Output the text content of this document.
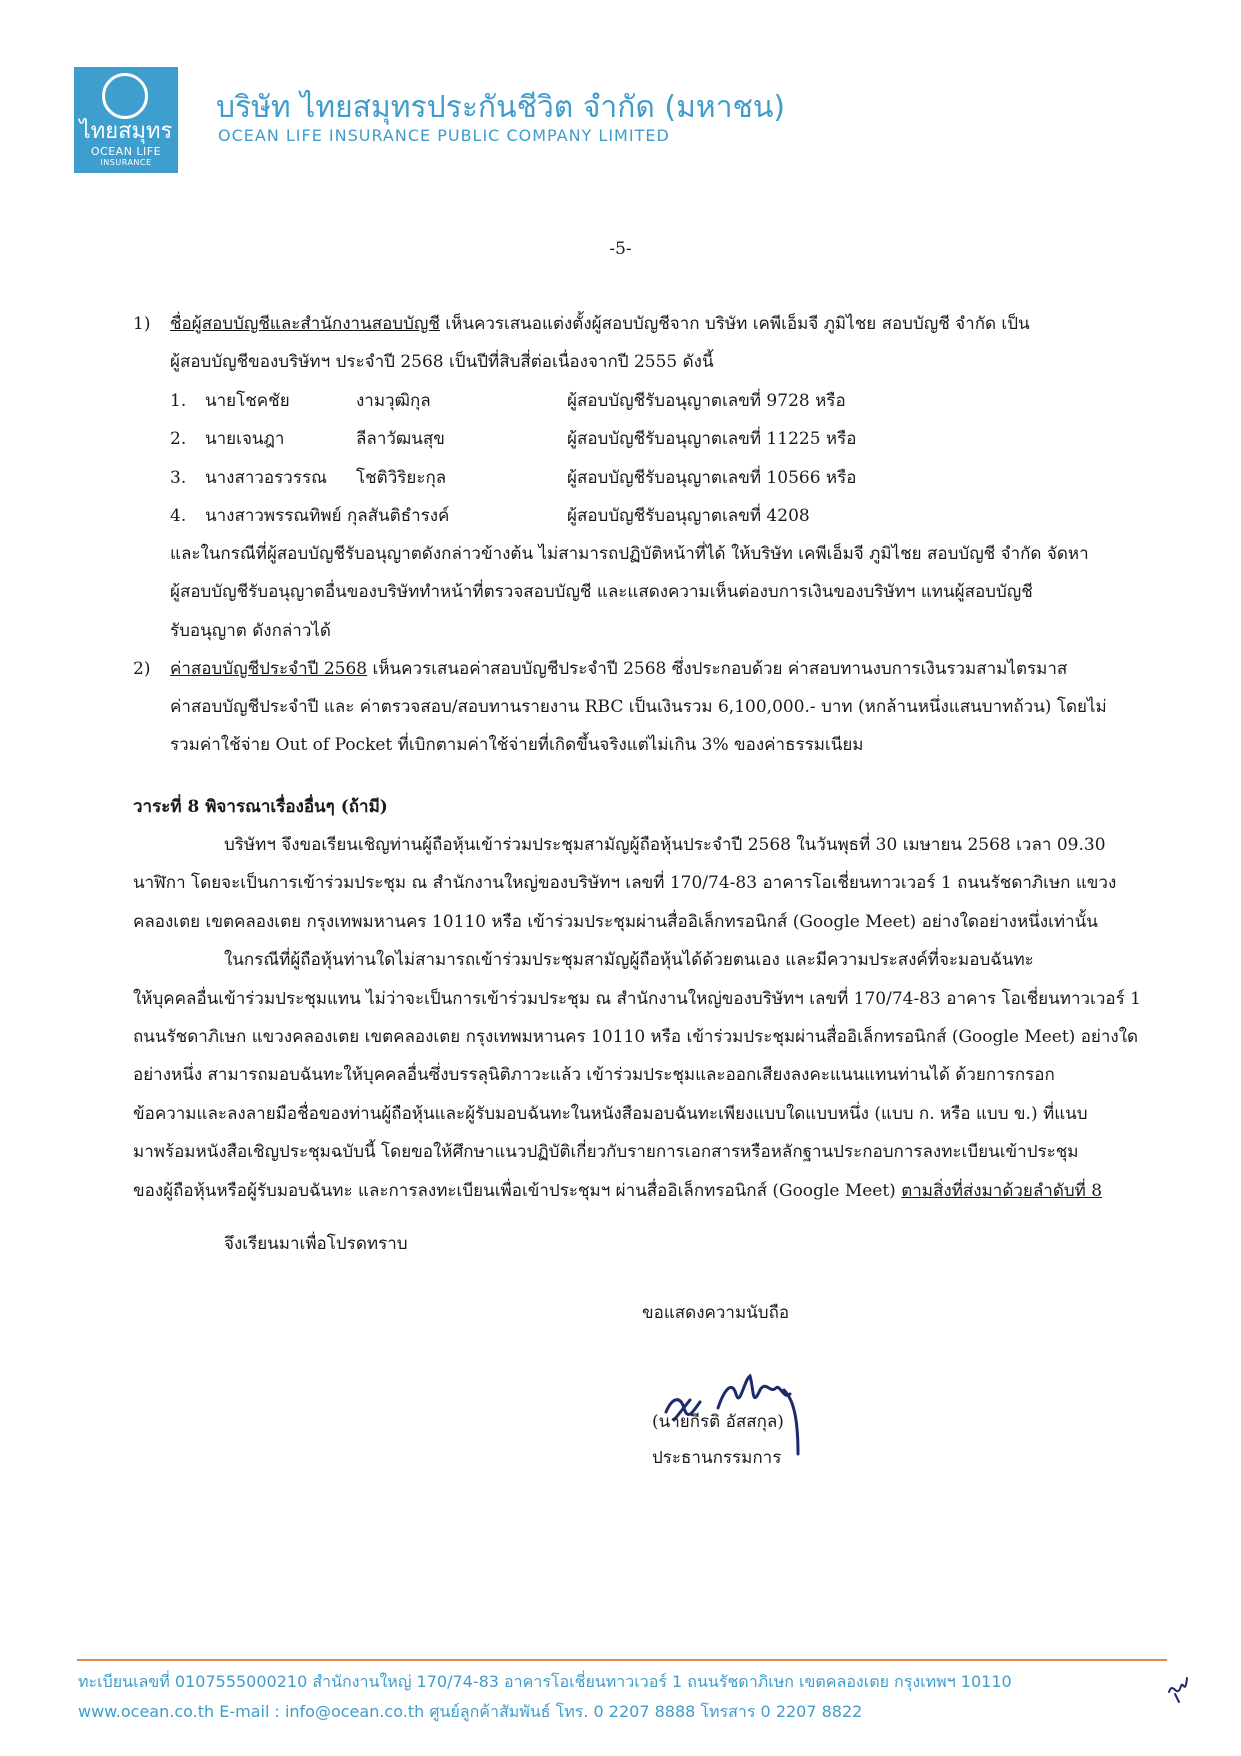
ไทยสมุทร
OCEAN LIFE
INSURANCE
บริษัท ไทยสมุทรประกันชีวิต จำกัด (มหาชน)
OCEAN LIFE INSURANCE PUBLIC COMPANY LIMITED
-5-
1) ชื่อผู้สอบบัญชีและสำนักงานสอบบัญชี เห็นควรเสนอแต่งตั้งผู้สอบบัญชีจาก บริษัท เคพีเอ็มจี ภูมิไชย สอบบัญชี จำกัด เป็น
ผู้สอบบัญชีของบริษัทฯ ประจำปี 2568 เป็นปีที่สิบสี่ต่อเนื่องจากปี 2555 ดังนี้
1. นายโชคชัย	งามวุฒิกุล	ผู้สอบบัญชีรับอนุญาตเลขที่ 9728 หรือ
2. นายเจนฎา	ลีลาวัฒนสุข	ผู้สอบบัญชีรับอนุญาตเลขที่ 11225 หรือ
3. นางสาวอรวรรณ โชติวิริยะกุล	ผู้สอบบัญชีรับอนุญาตเลขที่ 10566 หรือ
4. นางสาวพรรณทิพย์ กุลสันติธำรงค์	ผู้สอบบัญชีรับอนุญาตเลขที่ 4208
และในกรณีที่ผู้สอบบัญชีรับอนุญาตดังกล่าวข้างต้น ไม่สามารถปฏิบัติหน้าที่ได้ ให้บริษัท เคพีเอ็มจี ภูมิไชย สอบบัญชี จำกัด จัดหา
ผู้สอบบัญชีรับอนุญาตอื่นของบริษัททำหน้าที่ตรวจสอบบัญชี และแสดงความเห็นต่องบการเงินของบริษัทฯ แทนผู้สอบบัญชี
รับอนุญาต ดังกล่าวได้
2) ค่าสอบบัญชีประจำปี 2568 เห็นควรเสนอค่าสอบบัญชีประจำปี 2568 ซึ่งประกอบด้วย ค่าสอบทานงบการเงินรวมสามไตรมาส
ค่าสอบบัญชีประจำปี และ ค่าตรวจสอบ/สอบทานรายงาน RBC เป็นเงินรวม 6,100,000.- บาท (หกล้านหนึ่งแสนบาทถ้วน) โดยไม่
รวมค่าใช้จ่าย Out of Pocket ที่เบิกตามค่าใช้จ่ายที่เกิดขึ้นจริงแต่ไม่เกิน 3% ของค่าธรรมเนียม
วาระที่ 8 พิจารณาเรื่องอื่นๆ (ถ้ามี)
บริษัทฯ จึงขอเรียนเชิญท่านผู้ถือหุ้นเข้าร่วมประชุมสามัญผู้ถือหุ้นประจำปี 2568 ในวันพุธที่ 30 เมษายน 2568 เวลา 09.30
นาฬิกา โดยจะเป็นการเข้าร่วมประชุม ณ สำนักงานใหญ่ของบริษัทฯ เลขที่ 170/74-83 อาคารโอเชี่ยนทาวเวอร์ 1 ถนนรัชดาภิเษก แขวง
คลองเตย เขตคลองเตย กรุงเทพมหานคร 10110 หรือ เข้าร่วมประชุมผ่านสื่ออิเล็กทรอนิกส์ (Google Meet) อย่างใดอย่างหนึ่งเท่านั้น
ในกรณีที่ผู้ถือหุ้นท่านใดไม่สามารถเข้าร่วมประชุมสามัญผู้ถือหุ้นได้ด้วยตนเอง และมีความประสงค์ที่จะมอบฉันทะ
ให้บุคคลอื่นเข้าร่วมประชุมแทน ไม่ว่าจะเป็นการเข้าร่วมประชุม ณ สำนักงานใหญ่ของบริษัทฯ เลขที่ 170/74-83 อาคาร โอเชี่ยนทาวเวอร์ 1
ถนนรัชดาภิเษก แขวงคลองเตย เขตคลองเตย กรุงเทพมหานคร 10110 หรือ เข้าร่วมประชุมผ่านสื่ออิเล็กทรอนิกส์ (Google Meet) อย่างใด
อย่างหนึ่ง สามารถมอบฉันทะให้บุคคลอื่นซึ่งบรรลุนิติภาวะแล้ว เข้าร่วมประชุมและออกเสียงลงคะแนนแทนท่านได้ ด้วยการกรอก
ข้อความและลงลายมือชื่อของท่านผู้ถือหุ้นและผู้รับมอบฉันทะในหนังสือมอบฉันทะเพียงแบบใดแบบหนึ่ง (แบบ ก. หรือ แบบ ข.) ที่แนบ
มาพร้อมหนังสือเชิญประชุมฉบับนี้ โดยขอให้ศึกษาแนวปฏิบัติเกี่ยวกับรายการเอกสารหรือหลักฐานประกอบการลงทะเบียนเข้าประชุม
ของผู้ถือหุ้นหรือผู้รับมอบฉันทะ และการลงทะเบียนเพื่อเข้าประชุมฯ ผ่านสื่ออิเล็กทรอนิกส์ (Google Meet) ตามสิ่งที่ส่งมาด้วยลำดับที่ 8
จึงเรียนมาเพื่อโปรดทราบ
ขอแสดงความนับถือ
(นายกีรติ อัสสกุล)
ประธานกรรมการ
ทะเบียนเลขที่ 0107555000210 สำนักงานใหญ่ 170/74-83 อาคารโอเชี่ยนทาวเวอร์ 1 ถนนรัชดาภิเษก เขตคลองเตย กรุงเทพฯ 10110
www.ocean.co.th E-mail : info@ocean.co.th ศูนย์ลูกค้าสัมพันธ์ โทร. 0 2207 8888 โทรสาร 0 2207 8822
